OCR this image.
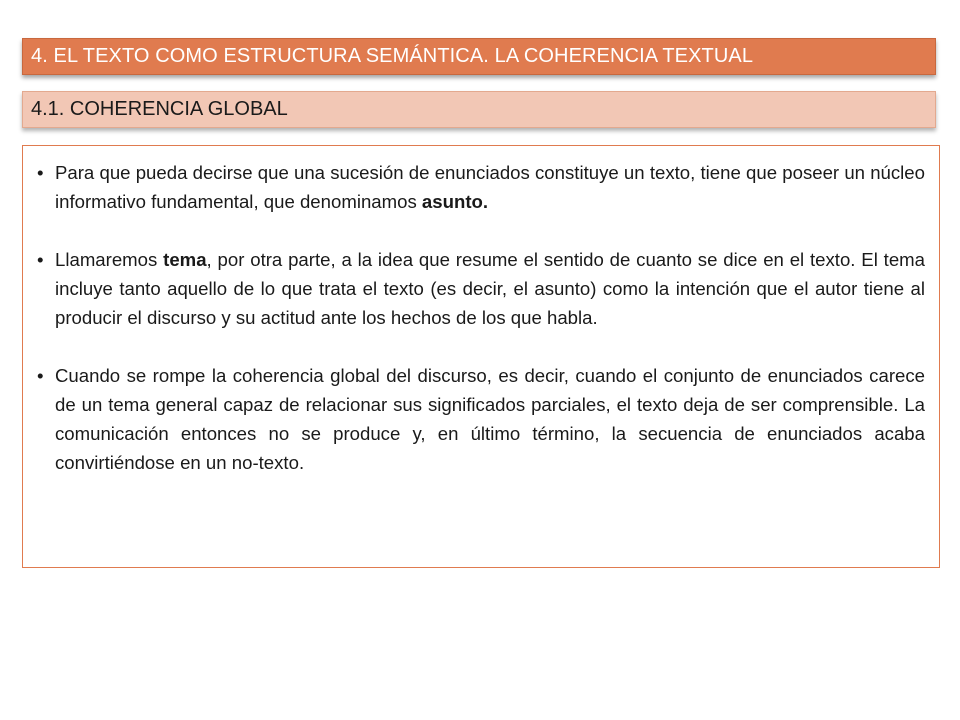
4. EL TEXTO COMO ESTRUCTURA SEMÁNTICA. LA COHERENCIA TEXTUAL
4.1. COHERENCIA GLOBAL
• Para que pueda decirse que una sucesión de enunciados constituye un texto, tiene que poseer un núcleo informativo fundamental, que denominamos asunto.
• Llamaremos tema, por otra parte, a la idea que resume el sentido de cuanto se dice en el texto. El tema incluye tanto aquello de lo que trata el texto (es decir, el asunto) como la intención que el autor tiene al producir el discurso y su actitud ante los hechos de los que habla.
• Cuando se rompe la coherencia global del discurso, es decir, cuando el conjunto de enunciados carece de un tema general capaz de relacionar sus significados parciales, el texto deja de ser comprensible. La comunicación entonces no se produce y, en último término, la secuencia de enunciados acaba convirtiéndose en un no-texto.
